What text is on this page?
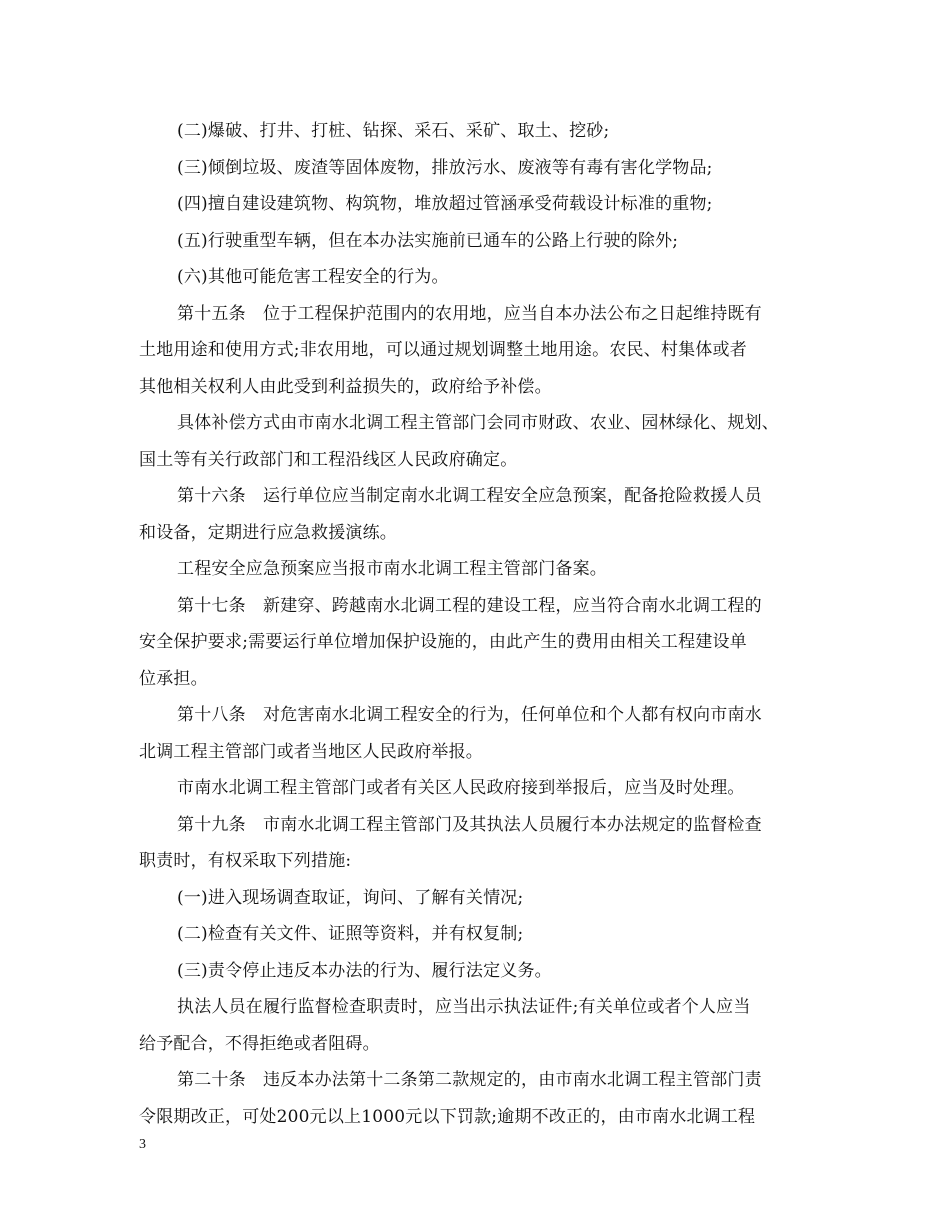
(二)爆破、打井、打桩、钻探、采石、采矿、取土、挖砂;
(三)倾倒垃圾、废渣等固体废物，排放污水、废液等有毒有害化学物品;
(四)擅自建设建筑物、构筑物，堆放超过管涵承受荷载设计标准的重物;
(五)行驶重型车辆，但在本办法实施前已通车的公路上行驶的除外;
(六)其他可能危害工程安全的行为。
第十五条　位于工程保护范围内的农用地，应当自本办法公布之日起维持既有
土地用途和使用方式;非农用地，可以通过规划调整土地用途。农民、村集体或者
其他相关权利人由此受到利益损失的，政府给予补偿。
具体补偿方式由市南水北调工程主管部门会同市财政、农业、园林绿化、规划、
国土等有关行政部门和工程沿线区人民政府确定。
第十六条　运行单位应当制定南水北调工程安全应急预案，配备抢险救援人员
和设备，定期进行应急救援演练。
工程安全应急预案应当报市南水北调工程主管部门备案。
第十七条　新建穿、跨越南水北调工程的建设工程，应当符合南水北调工程的
安全保护要求;需要运行单位增加保护设施的，由此产生的费用由相关工程建设单
位承担。
第十八条　对危害南水北调工程安全的行为，任何单位和个人都有权向市南水
北调工程主管部门或者当地区人民政府举报。
市南水北调工程主管部门或者有关区人民政府接到举报后，应当及时处理。
第十九条　市南水北调工程主管部门及其执法人员履行本办法规定的监督检查
职责时，有权采取下列措施:
(一)进入现场调查取证，询问、了解有关情况;
(二)检查有关文件、证照等资料，并有权复制;
(三)责令停止违反本办法的行为、履行法定义务。
执法人员在履行监督检查职责时，应当出示执法证件;有关单位或者个人应当
给予配合，不得拒绝或者阻碍。
第二十条　违反本办法第十二条第二款规定的，由市南水北调工程主管部门责
令限期改正，可处200元以上1000元以下罚款;逾期不改正的，由市南水北调工程
3
